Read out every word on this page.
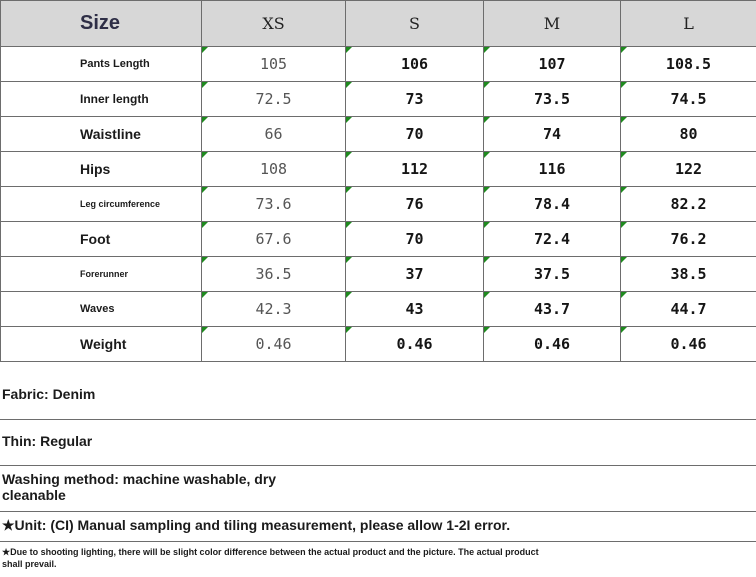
Size	XS	S	M	L
Pants Length	105	106	107	108.5
Inner length	72.5	73	73.5	74.5
Waistline	66	70	74	80
Hips	108	112	116	122
Leg circumference	73.6	76	78.4	82.2
Foot	67.6	70	72.4	76.2
Forerunner	36.5	37	37.5	38.5
Waves	42.3	43	43.7	44.7
Weight	0.46	0.46	0.46	0.46
Fabric: Denim
Thin: Regular
Washing method: machine washable, dry
cleanable
★Unit: (CI) Manual sampling and tiling measurement, please allow 1-2I error.
★Due to shooting lighting, there will be slight color difference between the actual product and the picture. The actual product
shall prevail.
